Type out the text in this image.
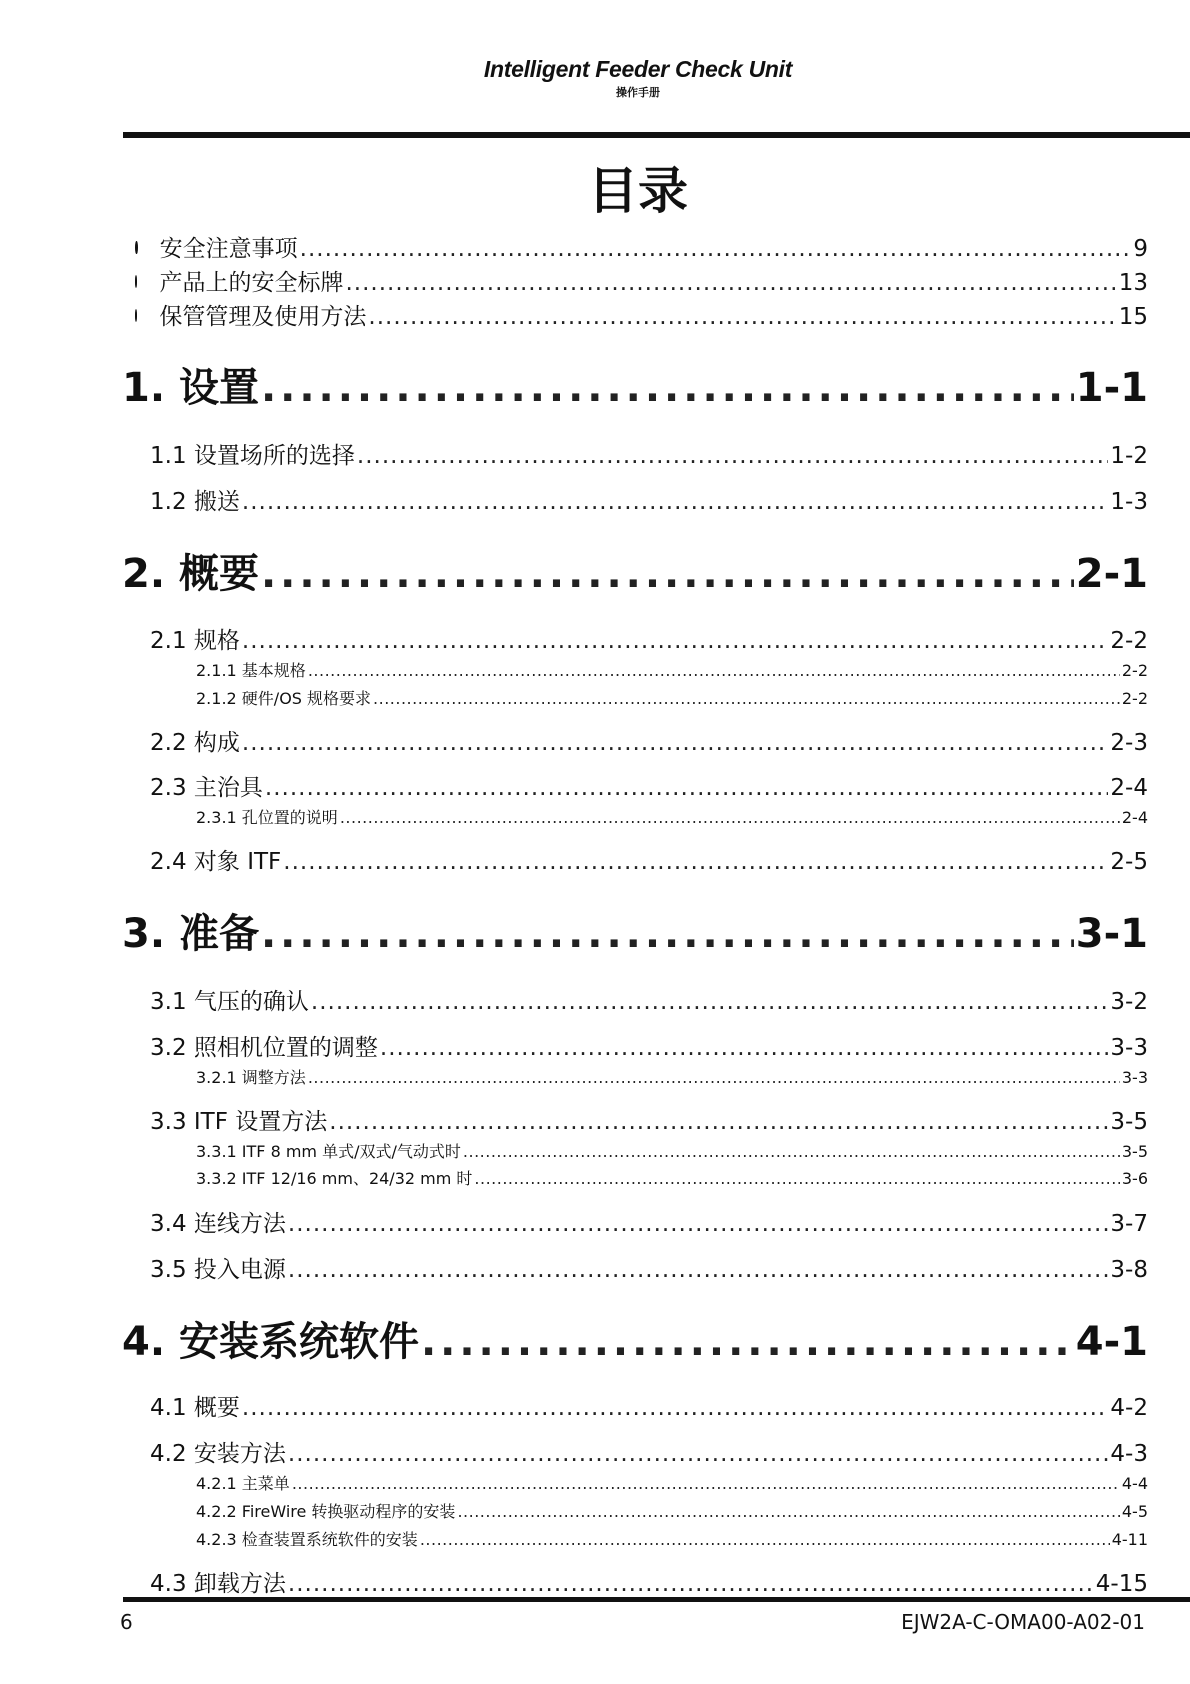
Intelligent Feeder Check Unit
操作手册
目录
安全注意事项 .....	9
产品上的安全标牌 .....	13
保管管理及使用方法 .....	15
1. 设置 .....	1-1
1.1 设置场所的选择 .....	1-2
1.2 搬送 .....	1-3
2. 概要 .....	2-1
2.1 规格 .....	2-2
2.1.1 基本规格 .....	2-2
2.1.2 硬件/OS 规格要求 .....	2-2
2.2 构成 .....	2-3
2.3 主治具 .....	2-4
2.3.1 孔位置的说明 .....	2-4
2.4 对象 ITF .....	2-5
3. 准备 .....	3-1
3.1 气压的确认 .....	3-2
3.2 照相机位置的调整 .....	3-3
3.2.1 调整方法 .....	3-3
3.3 ITF 设置方法 .....	3-5
3.3.1 ITF 8 mm 单式/双式/气动式时 .....	3-5
3.3.2 ITF 12/16 mm、24/32 mm 时 .....	3-6
3.4 连线方法 .....	3-7
3.5 投入电源 .....	3-8
4. 安装系统软件 .....	4-1
4.1 概要 .....	4-2
4.2 安装方法 .....	4-3
4.2.1 主菜单 .....	4-4
4.2.2 FireWire 转换驱动程序的安装 .....	4-5
4.2.3 检查装置系统软件的安装 .....	4-11
4.3 卸载方法 .....	4-15
6	EJW2A-C-OMA00-A02-01
